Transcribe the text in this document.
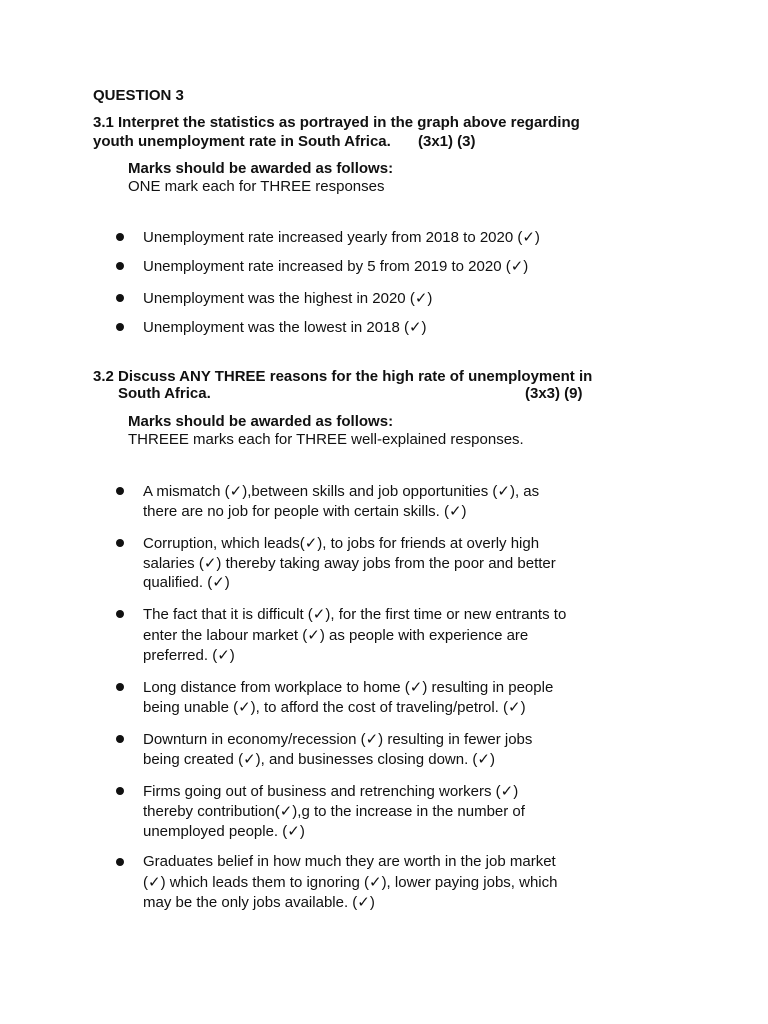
QUESTION 3
3.1 Interpret the statistics as portrayed in the graph above regarding
youth unemployment rate in South Africa. (3x1) (3)
Marks should be awarded as follows:
ONE mark each for THREE responses
Unemployment rate increased yearly from 2018 to 2020 (✓)
Unemployment rate increased by 5 from 2019 to 2020 (✓)
Unemployment was the highest in 2020 (✓)
Unemployment was the lowest in 2018 (✓)
3.2 Discuss ANY THREE reasons for the high rate of unemployment in
South Africa.	(3x3) (9)
Marks should be awarded as follows:
THREEE marks each for THREE well-explained responses.
A mismatch (✓),between skills and job opportunities (✓), as
there are no job for people with certain skills. (✓)
Corruption, which leads(✓), to jobs for friends at overly high
salaries (✓) thereby taking away jobs from the poor and better
qualified. (✓)
The fact that it is difficult (✓), for the first time or new entrants to
enter the labour market (✓) as people with experience are
preferred. (✓)
Long distance from workplace to home (✓) resulting in people
being unable (✓), to afford the cost of traveling/petrol. (✓)
Downturn in economy/recession (✓) resulting in fewer jobs
being created (✓), and businesses closing down. (✓)
Firms going out of business and retrenching workers (✓)
thereby contribution(✓),g to the increase in the number of
unemployed people. (✓)
Graduates belief in how much they are worth in the job market
(✓) which leads them to ignoring (✓), lower paying jobs, which
may be the only jobs available. (✓)
